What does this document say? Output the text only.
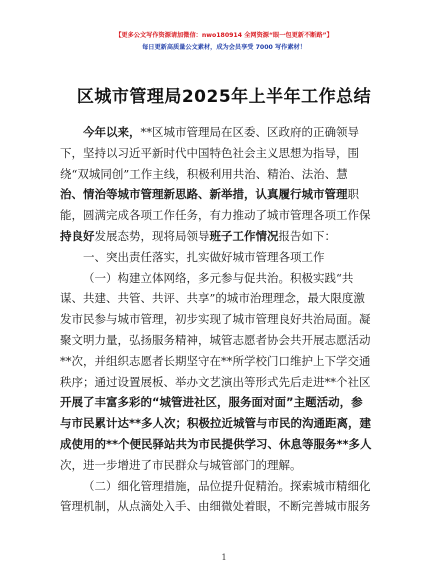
【更多公文写作资源请加微信：nwo180914 全网资源“眼一包更新不断路”】
每日更新高质量公文素材，成为会员享受 7000 写作素材！
区城市管理局2025年上半年工作总结
今年以来，**区城市管理局在区委、区政府的正确领导
下，坚持以习近平新时代中国特色社会主义思想为指导，围
绕“双城同创”工作主线，积极利用共治、精治、法治、慧
治、情治等城市管理新思路、新举措，认真履行城市管理职
能，圆满完成各项工作任务，有力推动了城市管理各项工作保
持良好发展态势，现将局领导班子工作情况报告如下：
一、突出责任落实，扎实做好城市管理各项工作
（一）构建立体网络，多元参与促共治。积极实践“共
谋、共建、共管、共评、共享”的城市治理理念，最大限度激
发市民参与城市管理，初步实现了城市管理良好共治局面。凝
聚文明力量，弘扬服务精神，城管志愿者协会共开展志愿活动
**次，并组织志愿者长期坚守在**所学校门口维护上下学交通
秩序；通过设置展板、举办文艺演出等形式先后走进**个社区
开展了丰富多彩的“城管进社区，服务面对面”主题活动，参
与市民累计达**多人次；积极拉近城管与市民的沟通距离，建
成使用的**个便民驿站共为市民提供学习、休息等服务**多人
次，进一步增进了市民群众与城管部门的理解。
（二）细化管理措施，品位提升促精治。探索城市精细化
管理机制，从点滴处入手、由细微处着眼，不断完善城市服务
1
